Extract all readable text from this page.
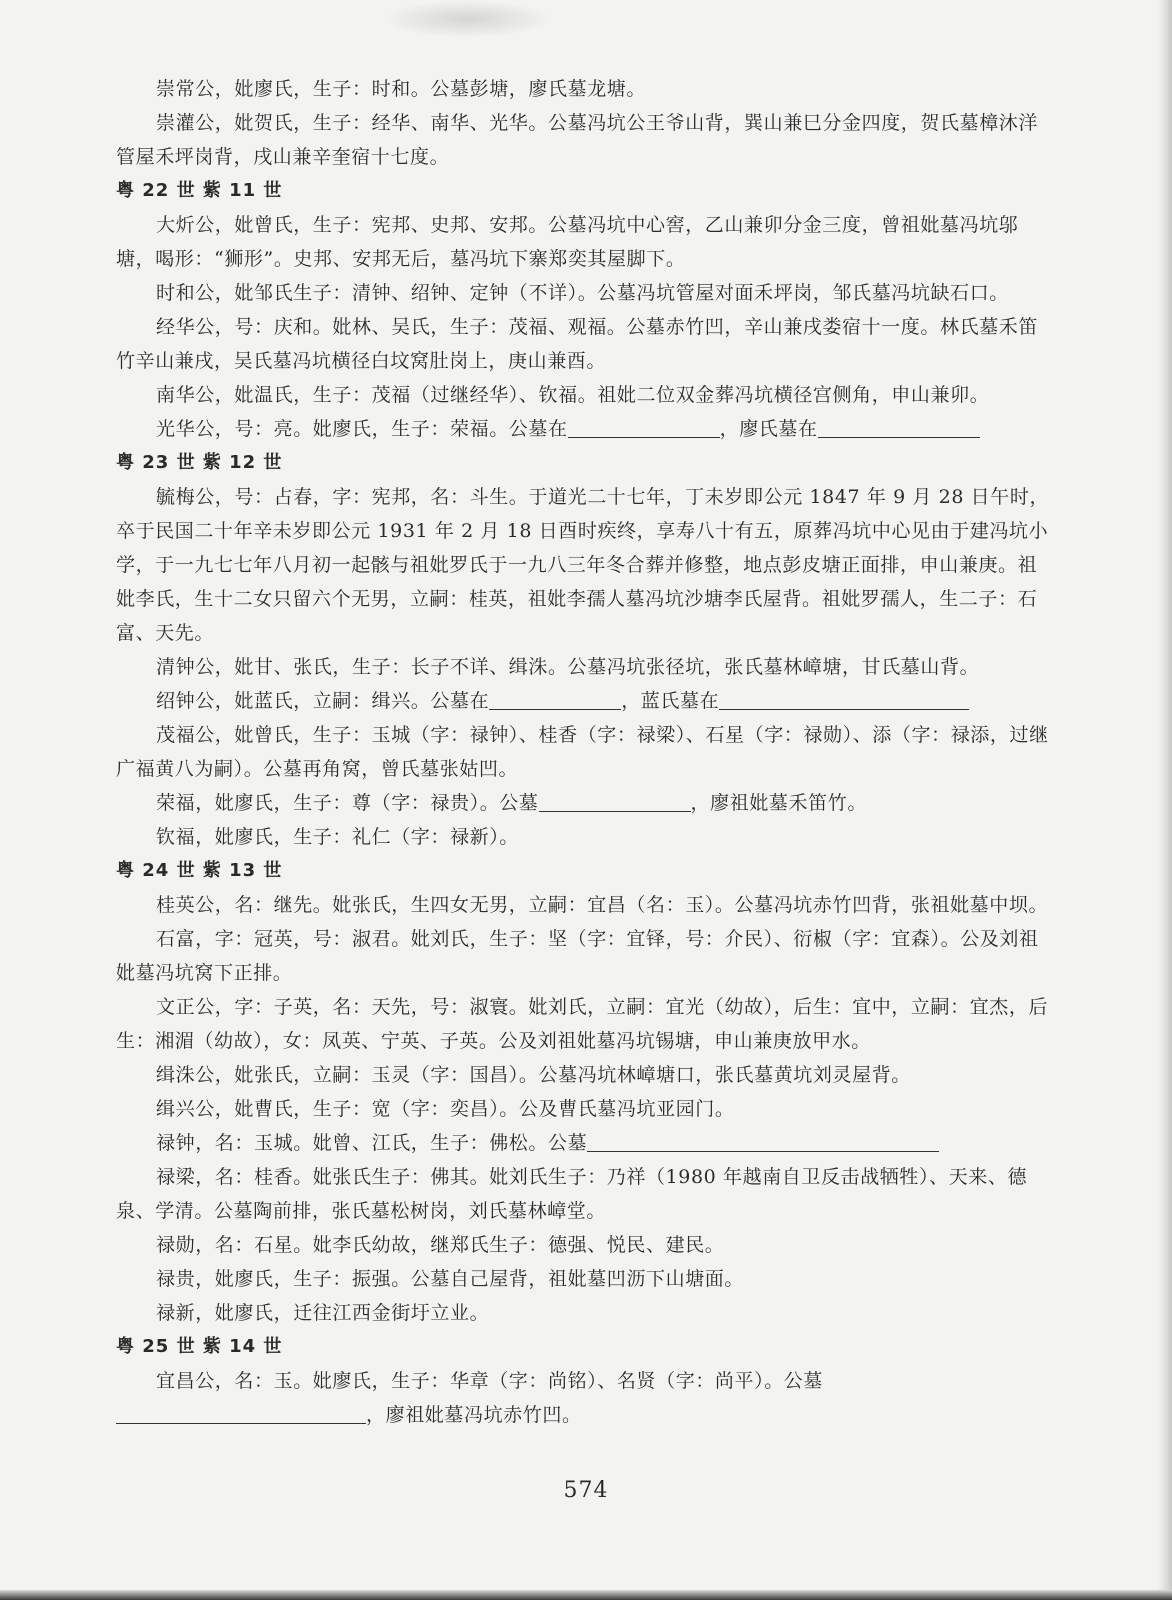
崇常公，妣廖氏，生子：时和。公墓彭塘，廖氏墓龙塘。

崇灌公，妣贺氏，生子：经华、南华、光华。公墓冯坑公王爷山背，巽山兼巳分金四度，贺氏墓樟沐洋管屋禾坪岗背，戌山兼辛奎宿十七度。

粤 22 世 紫 11 世

大炘公，妣曾氏，生子：宪邦、史邦、安邦。公墓冯坑中心窖，乙山兼卯分金三度，曾祖妣墓冯坑邬塘，喝形：“狮形”。史邦、安邦无后，墓冯坑下寨郑奕其屋脚下。

时和公，妣邹氏生子：清钟、绍钟、定钟（不详）。公墓冯坑管屋对面禾坪岗，邹氏墓冯坑缺石口。

经华公，号：庆和。妣林、吴氏，生子：茂福、观福。公墓赤竹凹，辛山兼戌娄宿十一度。林氏墓禾笛竹辛山兼戌，吴氏墓冯坑横径白坟窝肚岗上，庚山兼酉。

南华公，妣温氏，生子：茂福（过继经华）、钦福。祖妣二位双金葬冯坑横径宫侧角，申山兼卯。

光华公，号：亮。妣廖氏，生子：荣福。公墓在	，廖氏墓在

粤 23 世 紫 12 世

毓梅公，号：占春，字：宪邦，名：斗生。于道光二十七年，丁未岁即公元 1847 年 9 月 28 日午时，卒于民国二十年辛未岁即公元 1931 年 2 月 18 日酉时疾终，享寿八十有五，原葬冯坑中心见由于建冯坑小学，于一九七七年八月初一起骸与祖妣罗氏于一九八三年冬合葬并修整，地点彭皮塘正面排，申山兼庚。祖妣李氏，生十二女只留六个无男，立嗣：桂英，祖妣李孺人墓冯坑沙塘李氏屋背。祖妣罗孺人，生二子：石富、天先。

清钟公，妣甘、张氏，生子：长子不详、缉洙。公墓冯坑张径坑，张氏墓林嶂塘，甘氏墓山背。

绍钟公，妣蓝氏，立嗣：缉兴。公墓在	，蓝氏墓在

茂福公，妣曾氏，生子：玉城（字：禄钟）、桂香（字：禄梁）、石星（字：禄勋）、添（字：禄添，过继广福黄八为嗣）。公墓再角窝，曾氏墓张姑凹。

荣福，妣廖氏，生子：尊（字：禄贵）。公墓	，廖祖妣墓禾笛竹。

钦福，妣廖氏，生子：礼仁（字：禄新）。

粤 24 世 紫 13 世

桂英公，名：继先。妣张氏，生四女无男，立嗣：宜昌（名：玉）。公墓冯坑赤竹凹背，张祖妣墓中坝。

石富，字：冠英，号：淑君。妣刘氏，生子：坚（字：宜铎，号：介民）、衍椒（字：宜森）。公及刘祖妣墓冯坑窝下正排。

文正公，字：子英，名：天先，号：淑寰。妣刘氏，立嗣：宜光（幼故），后生：宜中，立嗣：宜杰，后生：湘湄（幼故），女：凤英、宁英、子英。公及刘祖妣墓冯坑锡塘，申山兼庚放甲水。

缉洙公，妣张氏，立嗣：玉灵（字：国昌）。公墓冯坑林嶂塘口，张氏墓黄坑刘灵屋背。

缉兴公，妣曹氏，生子：宽（字：奕昌）。公及曹氏墓冯坑亚园门。

禄钟，名：玉城。妣曾、江氏，生子：佛松。公墓

禄梁，名：桂香。妣张氏生子：佛其。妣刘氏生子：乃祥（1980 年越南自卫反击战牺牲）、天来、德泉、学清。公墓陶前排，张氏墓松树岗，刘氏墓林嶂堂。

禄勋，名：石星。妣李氏幼故，继郑氏生子：德强、悦民、建民。

禄贵，妣廖氏，生子：振强。公墓自己屋背，祖妣墓凹沥下山塘面。

禄新，妣廖氏，迁往江西金街圩立业。

粤 25 世 紫 14 世

宜昌公，名：玉。妣廖氏，生子：华章（字：尚铭）、名贤（字：尚平）。公墓，廖祖妣墓冯坑赤竹凹。

574
